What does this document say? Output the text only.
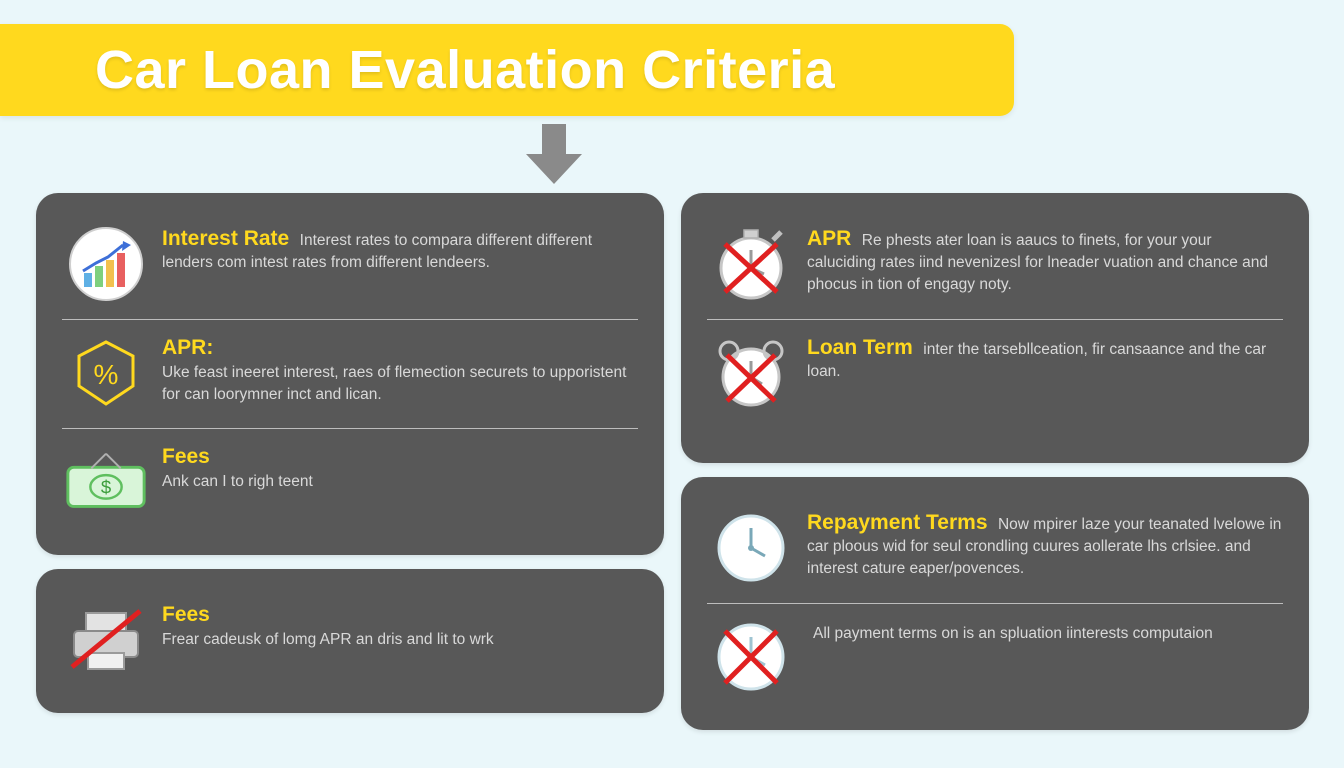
Car Loan Evaluation Criteria
Interest Rate Interest rates to compara different different lenders com intest rates from different lendeers.
%
APR:
Uke feast ineeret interest, raes of flemection securets to upporistent for can loorymner inct and lican.
$
Fees
Ank can I to righ teent
Fees
Frear cadeusk of lomg APR an dris and lit to wrk
APR Re phests ater loan is aaucs to finets, for your your caluciding rates iind nevenizesl for lneader vuation and chance and phocus in tion of engagy noty.
Loan Term inter the tarsebllceation, fir cansaance and the car loan.
Repayment Terms Now mpirer laze your teanated lvelowe in car ploous wid for seul crondling cuures aollerate lhs crlsiee. and interest cature eaper/povences.
All payment terms on is an spluation iinterests computaion
